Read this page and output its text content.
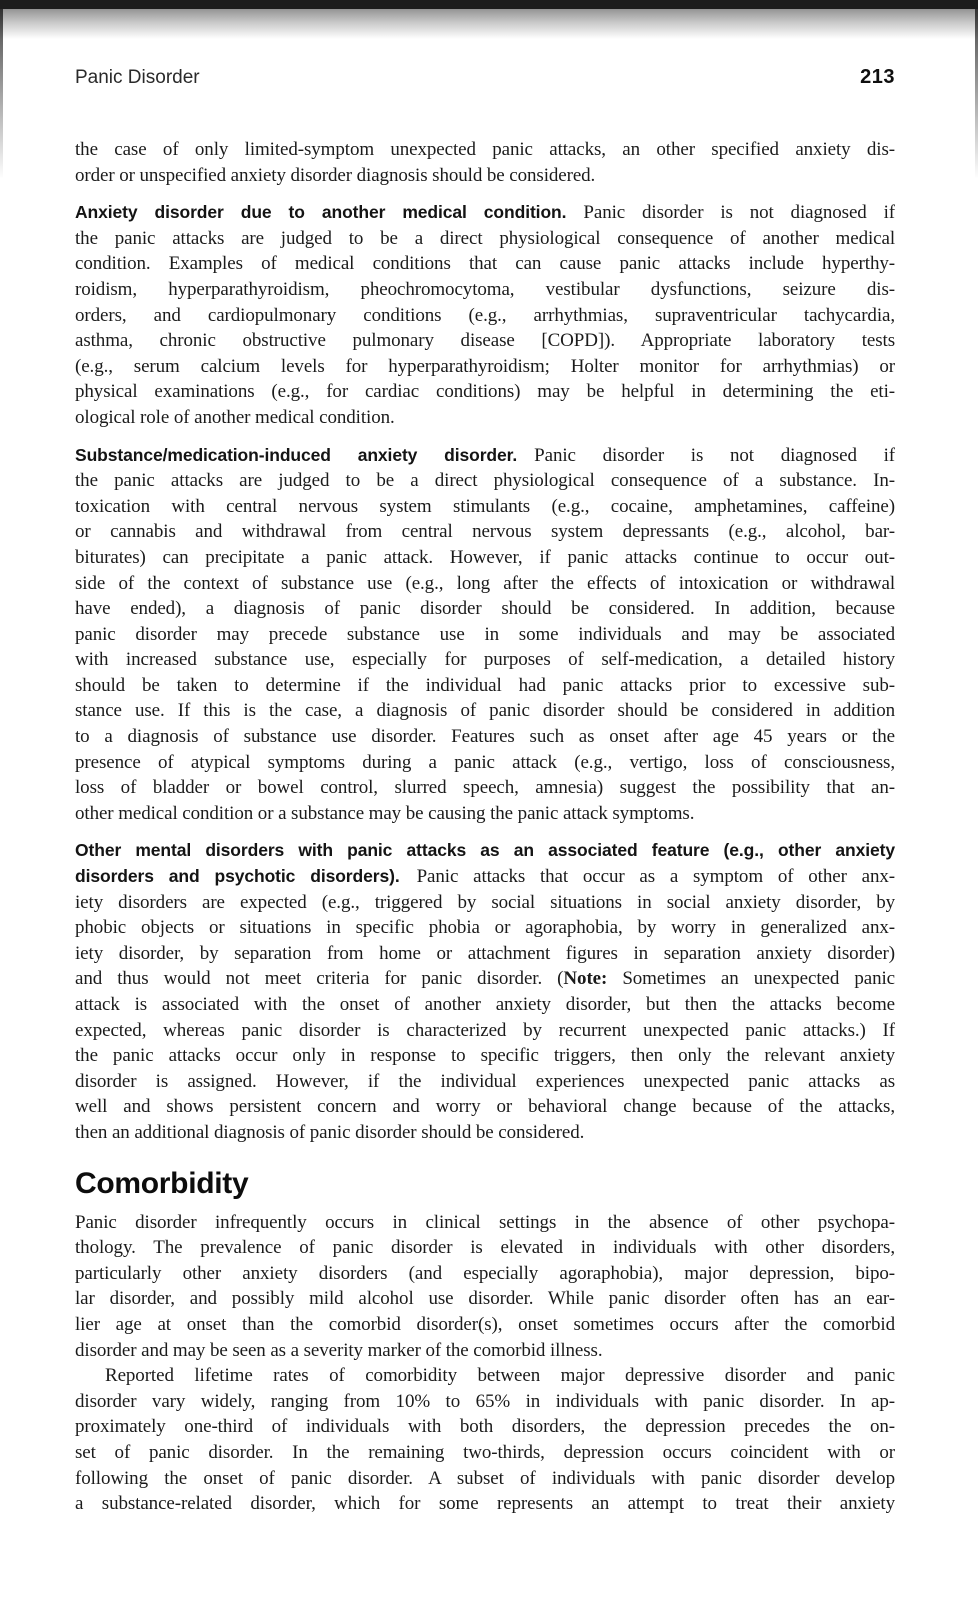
Panic Disorder	213
the case of only limited-symptom unexpected panic attacks, an other specified anxiety dis-
order or unspecified anxiety disorder diagnosis should be considered.
Anxiety disorder due to another medical condition. Panic disorder is not diagnosed if
the panic attacks are judged to be a direct physiological consequence of another medical
condition. Examples of medical conditions that can cause panic attacks include hyperthy-
roidism, hyperparathyroidism, pheochromocytoma, vestibular dysfunctions, seizure dis-
orders, and cardiopulmonary conditions (e.g., arrhythmias, supraventricular tachycardia,
asthma, chronic obstructive pulmonary disease [COPD]). Appropriate laboratory tests
(e.g., serum calcium levels for hyperparathyroidism; Holter monitor for arrhythmias) or
physical examinations (e.g., for cardiac conditions) may be helpful in determining the eti-
ological role of another medical condition.
Substance/medication-induced anxiety disorder. Panic disorder is not diagnosed if
the panic attacks are judged to be a direct physiological consequence of a substance. In-
toxication with central nervous system stimulants (e.g., cocaine, amphetamines, caffeine)
or cannabis and withdrawal from central nervous system depressants (e.g., alcohol, bar-
biturates) can precipitate a panic attack. However, if panic attacks continue to occur out-
side of the context of substance use (e.g., long after the effects of intoxication or withdrawal
have ended), a diagnosis of panic disorder should be considered. In addition, because
panic disorder may precede substance use in some individuals and may be associated
with increased substance use, especially for purposes of self-medication, a detailed history
should be taken to determine if the individual had panic attacks prior to excessive sub-
stance use. If this is the case, a diagnosis of panic disorder should be considered in addition
to a diagnosis of substance use disorder. Features such as onset after age 45 years or the
presence of atypical symptoms during a panic attack (e.g., vertigo, loss of consciousness,
loss of bladder or bowel control, slurred speech, amnesia) suggest the possibility that an-
other medical condition or a substance may be causing the panic attack symptoms.
Other mental disorders with panic attacks as an associated feature (e.g., other anxiety
disorders and psychotic disorders). Panic attacks that occur as a symptom of other anx-
iety disorders are expected (e.g., triggered by social situations in social anxiety disorder, by
phobic objects or situations in specific phobia or agoraphobia, by worry in generalized anx-
iety disorder, by separation from home or attachment figures in separation anxiety disorder)
and thus would not meet criteria for panic disorder. (Note: Sometimes an unexpected panic
attack is associated with the onset of another anxiety disorder, but then the attacks become
expected, whereas panic disorder is characterized by recurrent unexpected panic attacks.) If
the panic attacks occur only in response to specific triggers, then only the relevant anxiety
disorder is assigned. However, if the individual experiences unexpected panic attacks as
well and shows persistent concern and worry or behavioral change because of the attacks,
then an additional diagnosis of panic disorder should be considered.
Comorbidity
Panic disorder infrequently occurs in clinical settings in the absence of other psychopa-
thology. The prevalence of panic disorder is elevated in individuals with other disorders,
particularly other anxiety disorders (and especially agoraphobia), major depression, bipo-
lar disorder, and possibly mild alcohol use disorder. While panic disorder often has an ear-
lier age at onset than the comorbid disorder(s), onset sometimes occurs after the comorbid
disorder and may be seen as a severity marker of the comorbid illness.
Reported lifetime rates of comorbidity between major depressive disorder and panic
disorder vary widely, ranging from 10% to 65% in individuals with panic disorder. In ap-
proximately one-third of individuals with both disorders, the depression precedes the on-
set of panic disorder. In the remaining two-thirds, depression occurs coincident with or
following the onset of panic disorder. A subset of individuals with panic disorder develop
a substance-related disorder, which for some represents an attempt to treat their anxiety
